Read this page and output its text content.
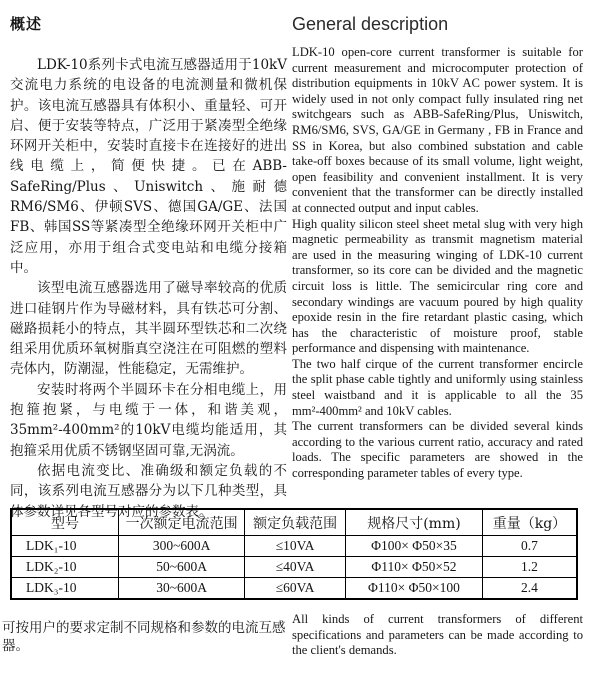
概述

LDK-10系列卡式电流互感器适用于10kV交流电力系统的电设备的电流测量和微机保护。该电流互感器具有体积小、重量轻、可开启、便于安装等特点，广泛用于紧凑型全绝缘环网开关柜中，安装时直接卡在连接好的进出线电缆上，简便快捷。已在ABB-SafeRing/Plus、Uniswitch、施耐德RM6/SM6、伊顿SVS、德国GA/GE、法国FB、韩国SS等紧凑型全绝缘环网开关柜中广泛应用，亦用于组合式变电站和电缆分接箱中。

该型电流互感器选用了磁导率较高的优质进口硅钢片作为导磁材料，具有铁芯可分割、磁路损耗小的特点，其半圆环型铁芯和二次绕组采用优质环氧树脂真空浇注在可阻燃的塑料壳体内，防潮湿，性能稳定，无需维护。

安装时将两个半圆环卡在分相电缆上，用抱箍抱紧，与电缆于一体，和谐美观，35mm²-400mm²的10kV电缆均能适用，其抱箍采用优质不锈钢坚固可靠,无涡流。

依据电流变比、准确级和额定负载的不同，该系列电流互感器分为以下几种类型，具体参数详见各型号对应的参数表。

General description

LDK-10 open-core current transformer is suitable for current measurement and microcomputer protection of distribution equipments in 10kV AC power system. It is widely used in not only compact fully insulated ring net switchgears such as ABB-SafeRing/Plus, Uniswitch, RM6/SM6, SVS, GA/GE in Germany , FB in France and SS in Korea, but also combined substation and cable take-off boxes because of its small volume, light weight, open feasibility and convenient installment. It is very convenient that the transformer can be directly installed at connected output and input cables.

High quality silicon steel sheet metal slug with very high magnetic permeability as transmit magnetism material are used in the measuring winging of LDK-10 current transformer, so its core can be divided and the magnetic circuit loss is little. The semicircular ring core and secondary windings are vacuum poured by high quality epoxide resin in the fire retardant plastic casing, which has the characteristic of moisture proof, stable performance and dispensing with maintenance.

The two half cirque of the current transformer encircle the split phase cable tightly and uniformly using stainless steel waistband and it is applicable to all the 35 mm²-400mm² and 10kV cables.

The current transformers can be divided several kinds according to the various current ratio, accuracy and rated loads. The specific parameters are showed in the corresponding parameter tables of every type.

型号	一次额定电流范围	额定负载范围	规格尺寸(mm)	重量（kg）
LDK₁-10	300~600A	≤10VA	Φ100× Φ50×35	0.7
LDK₂-10	50~600A	≤40VA	Φ110× Φ50×52	1.2
LDK₃-10	30~600A	≤60VA	Φ110× Φ50×100	2.4
可按用户的要求定制不同规格和参数的电流互感器。
All kinds of current transformers of different specifications and parameters can be made according to the client's demands.
